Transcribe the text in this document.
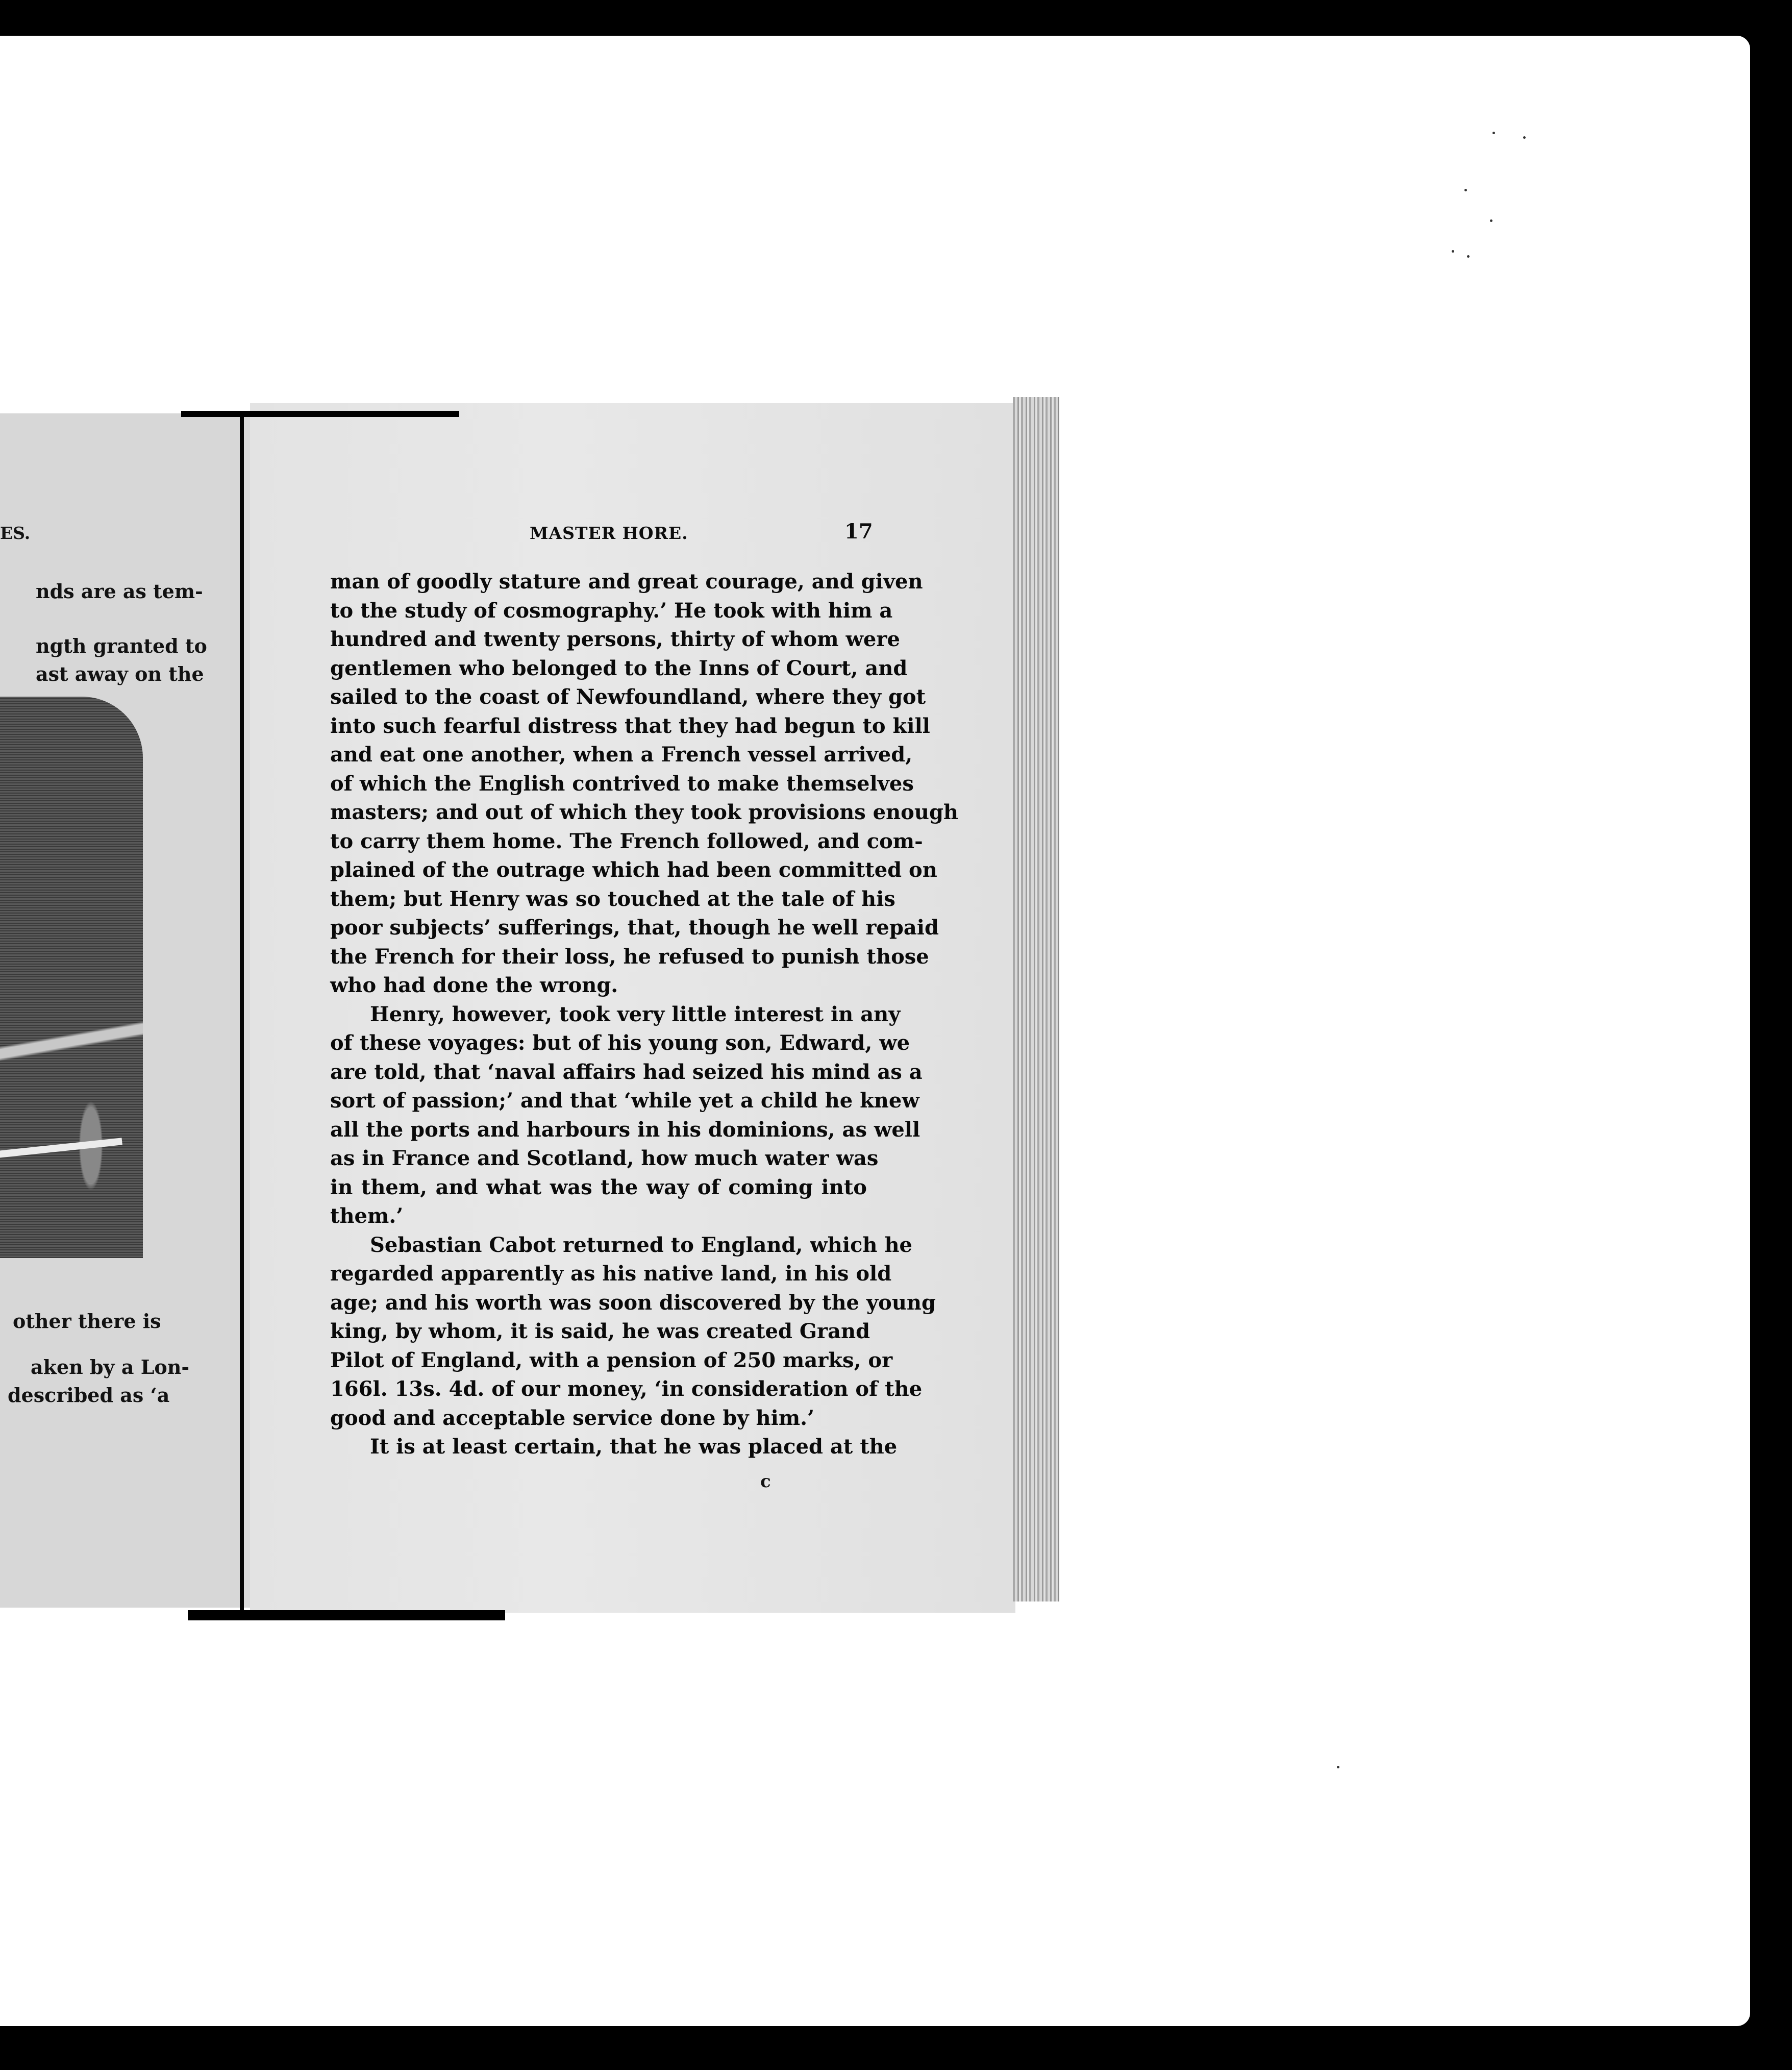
ES.
nds are as tem-
ngth granted to
ast away on the
other there is
aken by a Lon-
described as ‘a
MASTER HORE.	17
man of goodly stature and great courage, and given
to the study of cosmography.’ He took with him a
hundred and twenty persons, thirty of whom were
gentlemen who belonged to the Inns of Court, and
sailed to the coast of Newfoundland, where they got
into such fearful distress that they had begun to kill
and eat one another, when a French vessel arrived,
of which the English contrived to make themselves
masters; and out of which they took provisions enough
to carry them home. The French followed, and com-
plained of the outrage which had been committed on
them; but Henry was so touched at the tale of his
poor subjects’ sufferings, that, though he well repaid
the French for their loss, he refused to punish those
who had done the wrong.
Henry, however, took very little interest in any
of these voyages: but of his young son, Edward, we
are told, that ‘naval affairs had seized his mind as a
sort of passion;’ and that ‘while yet a child he knew
all the ports and harbours in his dominions, as well
as in France and Scotland, how much water was
in them, and what was the way of coming into
them.’
Sebastian Cabot returned to England, which he
regarded apparently as his native land, in his old
age; and his worth was soon discovered by the young
king, by whom, it is said, he was created Grand
Pilot of England, with a pension of 250 marks, or
166l. 13s. 4d. of our money, ‘in consideration of the
good and acceptable service done by him.’
It is at least certain, that he was placed at the
c
